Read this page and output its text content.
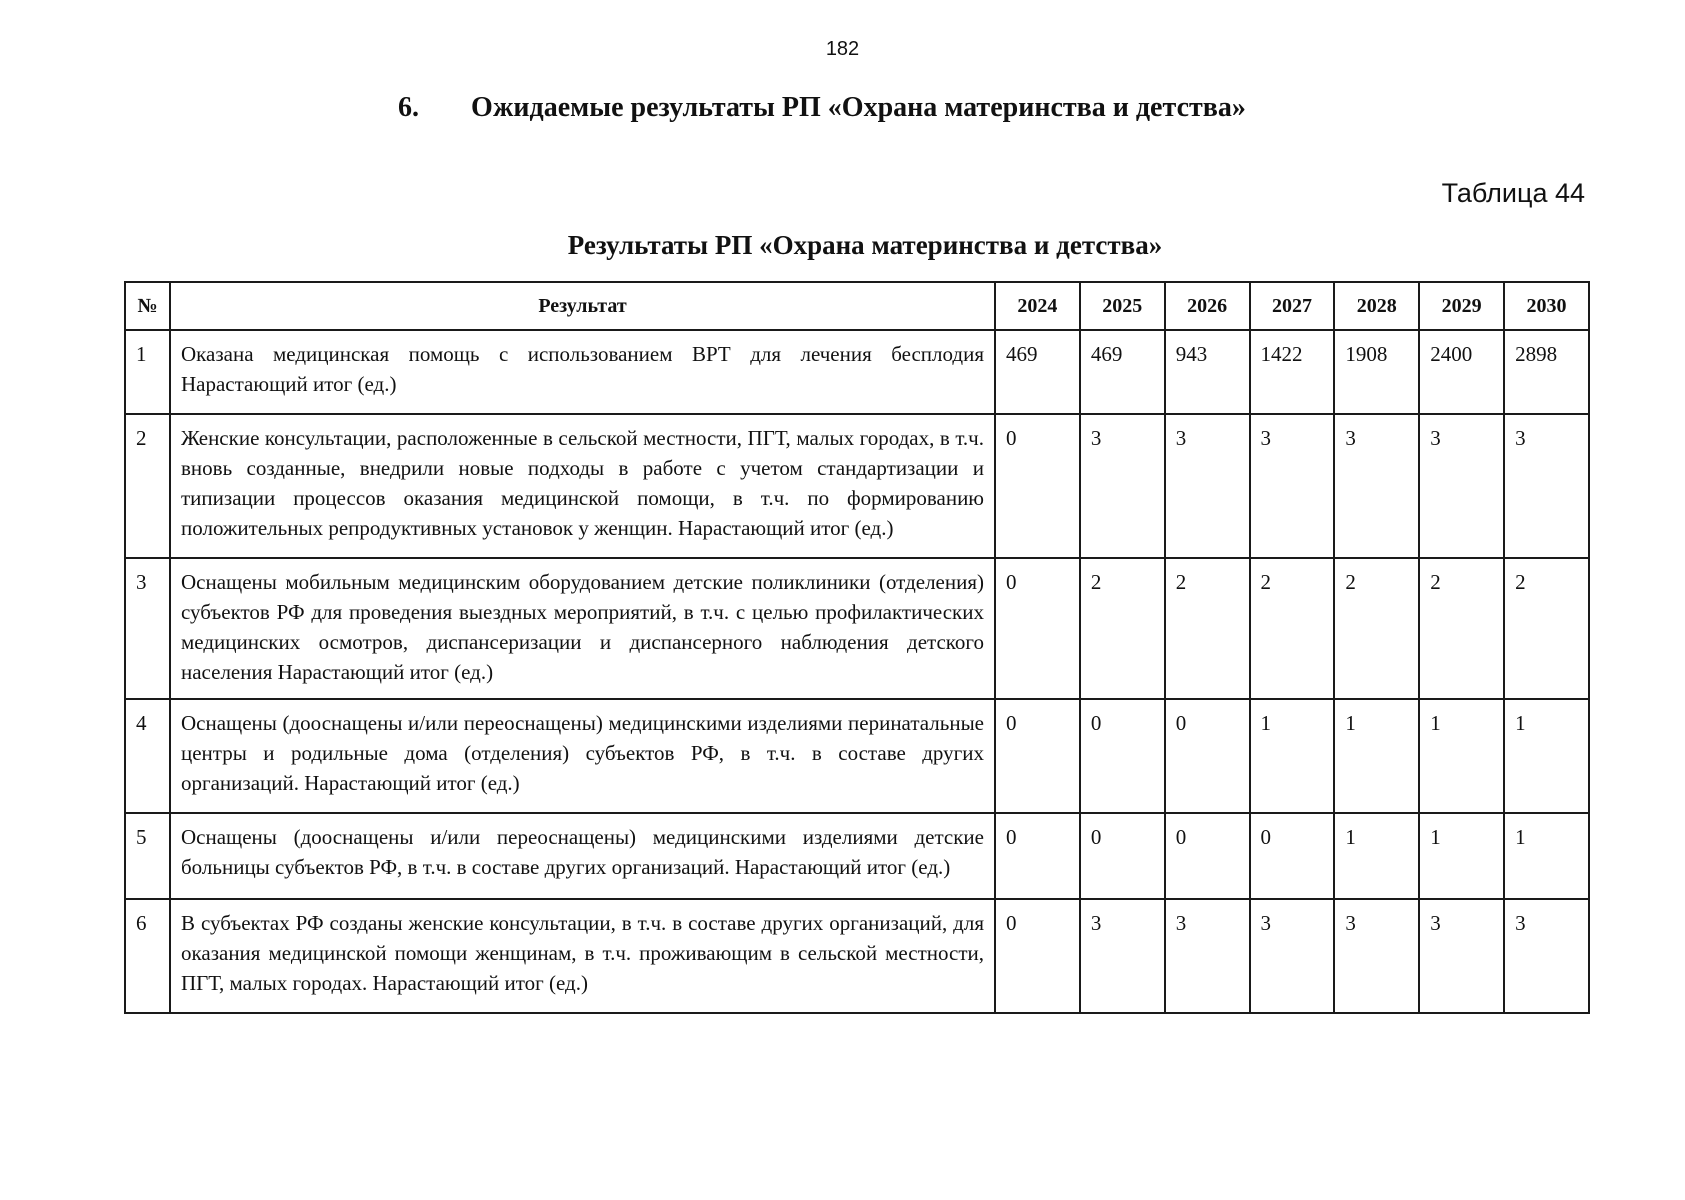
182
6. Ожидаемые результаты РП «Охрана материнства и детства»
Таблица 44
Результаты РП «Охрана материнства и детства»
№	Результат	2024	2025	2026	2027	2028	2029	2030
1	Оказана медицинская помощь с использованием ВРТ для лечения бесплодия Нарастающий итог (ед.)	469	469	943	1422	1908	2400	2898
2	Женские консультации, расположенные в сельской местности, ПГТ, малых городах, в т.ч. вновь созданные, внедрили новые подходы в работе с учетом стандартизации и типизации процессов оказания медицинской помощи, в т.ч. по формированию положительных репродуктивных установок у женщин. Нарастающий итог (ед.)	0	3	3	3	3	3	3
3	Оснащены мобильным медицинским оборудованием детские поликлиники (отделения) субъектов РФ для проведения выездных мероприятий, в т.ч. с целью профилактических медицинских осмотров, диспансеризации и диспансерного наблюдения детского населения Нарастающий итог (ед.)	0	2	2	2	2	2	2
4	Оснащены (дооснащены и/или переоснащены) медицинскими изделиями перинатальные центры и родильные дома (отделения) субъектов РФ, в т.ч. в составе других организаций. Нарастающий итог (ед.)	0	0	0	1	1	1	1
5	Оснащены (дооснащены и/или переоснащены) медицинскими изделиями детские больницы субъектов РФ, в т.ч. в составе других организаций. Нарастающий итог (ед.)	0	0	0	0	1	1	1
6	В субъектах РФ созданы женские консультации, в т.ч. в составе других организаций, для оказания медицинской помощи женщинам, в т.ч. проживающим в сельской местности, ПГТ, малых городах. Нарастающий итог (ед.)	0	3	3	3	3	3	3
